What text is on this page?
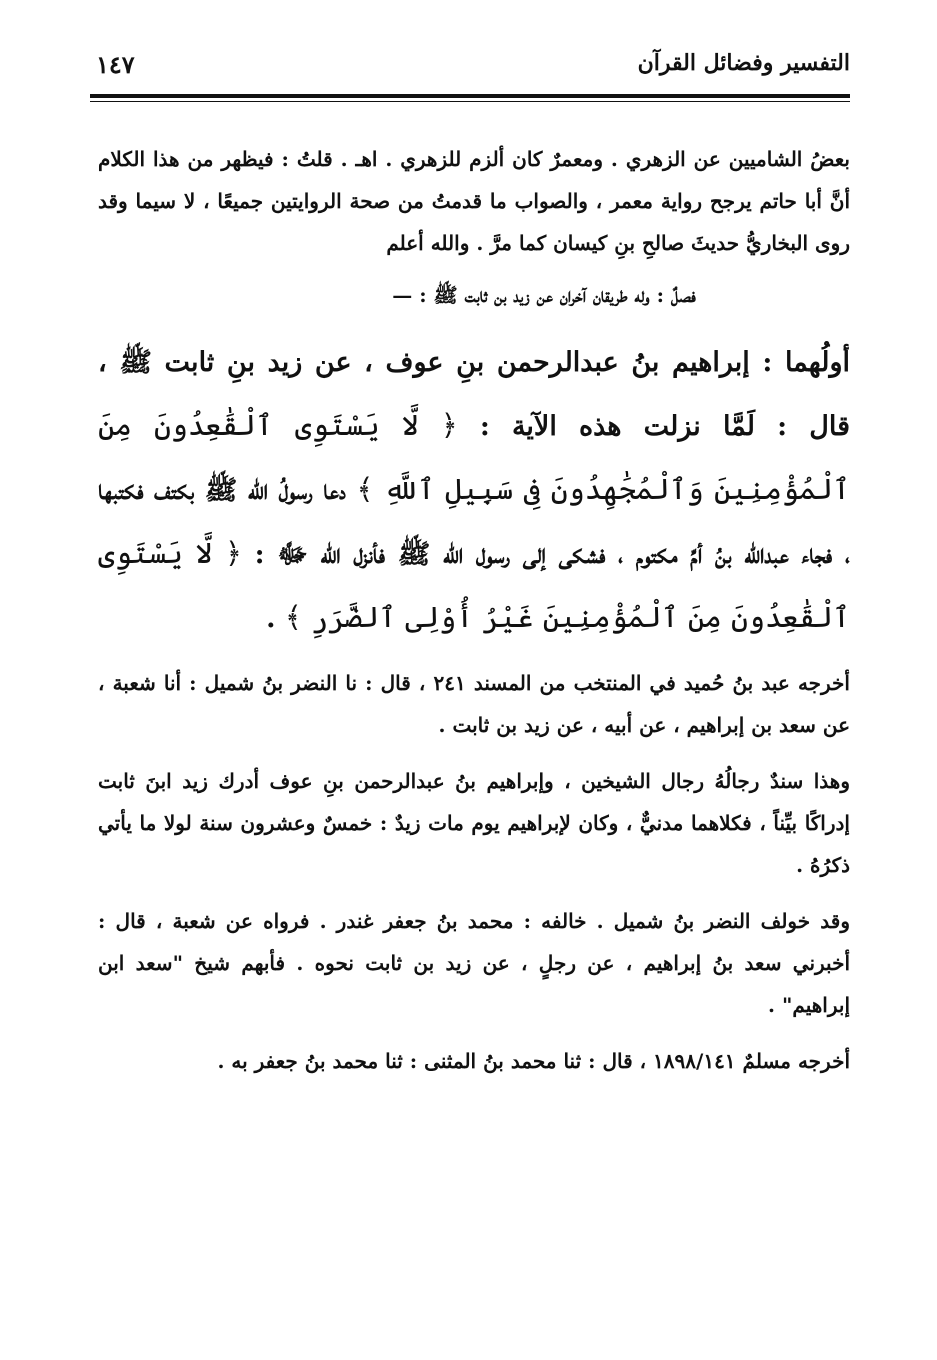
التفسير وفضائل القرآن
١٤٧

بعضُ الشاميين عن الزهري . ومعمرٌ كان ألزم للزهري . اهـ . قلتُ : فيظهر من هذا الكلام أنَّ أبا حاتم يرجح رواية معمر ، والصواب ما قدمتُ من صحة الروايتين جميعًا ، لا سيما وقد روى البخاريُّ حديثَ صالحِ بنِ كيسان كما مرَّ . والله أعلم

فصلٌ : وله طريقان آخران عن زيد بن ثابت ﷺ : —

أولُهما : إبراهيم بنُ عبدالرحمن بنِ عوف ، عن زيد بنِ ثابت ﷺ ، قال : لَمَّا نزلت هذه الآية : ﴿ لَّا يَسْتَوِى ٱلْقَٰعِدُونَ مِنَ ٱلْمُؤْمِنِينَ وَٱلْمُجَٰهِدُونَ فِى سَبِيلِ ٱللَّهِ ﴾ دعا رسولُ الله ﷺ بكتف فكتبها ، فجاء عبدالله بنُ أمِّ مكتوم ، فشكى إلى رسول الله ﷺ فأنزل الله ﷻ : ﴿ لَّا يَسْتَوِى ٱلْقَٰعِدُونَ مِنَ ٱلْمُؤْمِنِينَ غَيْرُ أُوْلِى ٱلضَّرَرِ ﴾ .

أخرجه عبد بنُ حُميد في المنتخب من المسند ٢٤١ ، قال : نا النضر بنُ شميل : أنا شعبة ، عن سعد بن إبراهيم ، عن أبيه ، عن زيد بن ثابت .

وهذا سندٌ رجالُهُ رجال الشيخين ، وإبراهيم بنُ عبدالرحمن بنِ عوف أدرك زيد ابنَ ثابت إدراكًا بيِّناً ، فكلاهما مدنيٌّ ، وكان لإبراهيم يوم مات زيدٌ : خمسٌ وعشرون سنة لولا ما يأتي ذكرُهُ .

وقد خولف النضر بنُ شميل . خالفه : محمد بنُ جعفر غندر . فرواه عن شعبة ، قال : أخبرني سعد بنُ إبراهيم ، عن رجلٍ ، عن زيد بن ثابت نحوه . فأبهم شيخ "سعد ابن إبراهيم" .

أخرجه مسلمٌ ١٨٩٨/١٤١ ، قال : ثنا محمد بنُ المثنى : ثنا محمد بنُ جعفر به .
